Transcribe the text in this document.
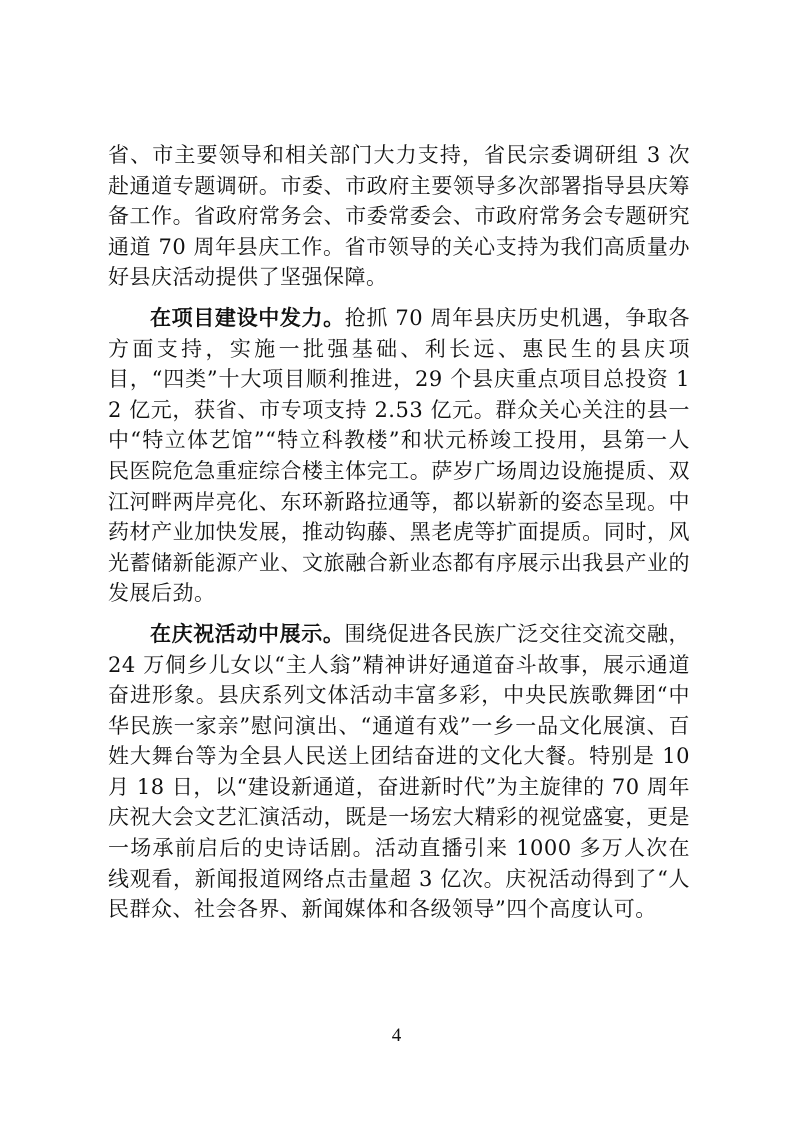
省、市主要领导和相关部门大力支持，省民宗委调研组 3 次赴通道专题调研。市委、市政府主要领导多次部署指导县庆筹备工作。省政府常务会、市委常委会、市政府常务会专题研究通道 70 周年县庆工作。省市领导的关心支持为我们高质量办好县庆活动提供了坚强保障。

在项目建设中发力。抢抓 70 周年县庆历史机遇，争取各方面支持，实施一批强基础、利长远、惠民生的县庆项目，“四类”十大项目顺利推进，29 个县庆重点项目总投资 12 亿元，获省、市专项支持 2.53 亿元。群众关心关注的县一中“特立体艺馆”“特立科教楼”和状元桥竣工投用，县第一人民医院危急重症综合楼主体完工。萨岁广场周边设施提质、双江河畔两岸亮化、东环新路拉通等，都以崭新的姿态呈现。中药材产业加快发展，推动钩藤、黑老虎等扩面提质。同时，风光蓄储新能源产业、文旅融合新业态都有序展示出我县产业的发展后劲。

在庆祝活动中展示。围绕促进各民族广泛交往交流交融，24 万侗乡儿女以“主人翁”精神讲好通道奋斗故事，展示通道奋进形象。县庆系列文体活动丰富多彩，中央民族歌舞团“中华民族一家亲”慰问演出、“通道有戏”一乡一品文化展演、百姓大舞台等为全县人民送上团结奋进的文化大餐。特别是 10 月 18 日，以“建设新通道，奋进新时代”为主旋律的 70 周年庆祝大会文艺汇演活动，既是一场宏大精彩的视觉盛宴，更是一场承前启后的史诗话剧。活动直播引来 1000 多万人次在线观看，新闻报道网络点击量超 3 亿次。庆祝活动得到了“人民群众、社会各界、新闻媒体和各级领导”四个高度认可。

4
